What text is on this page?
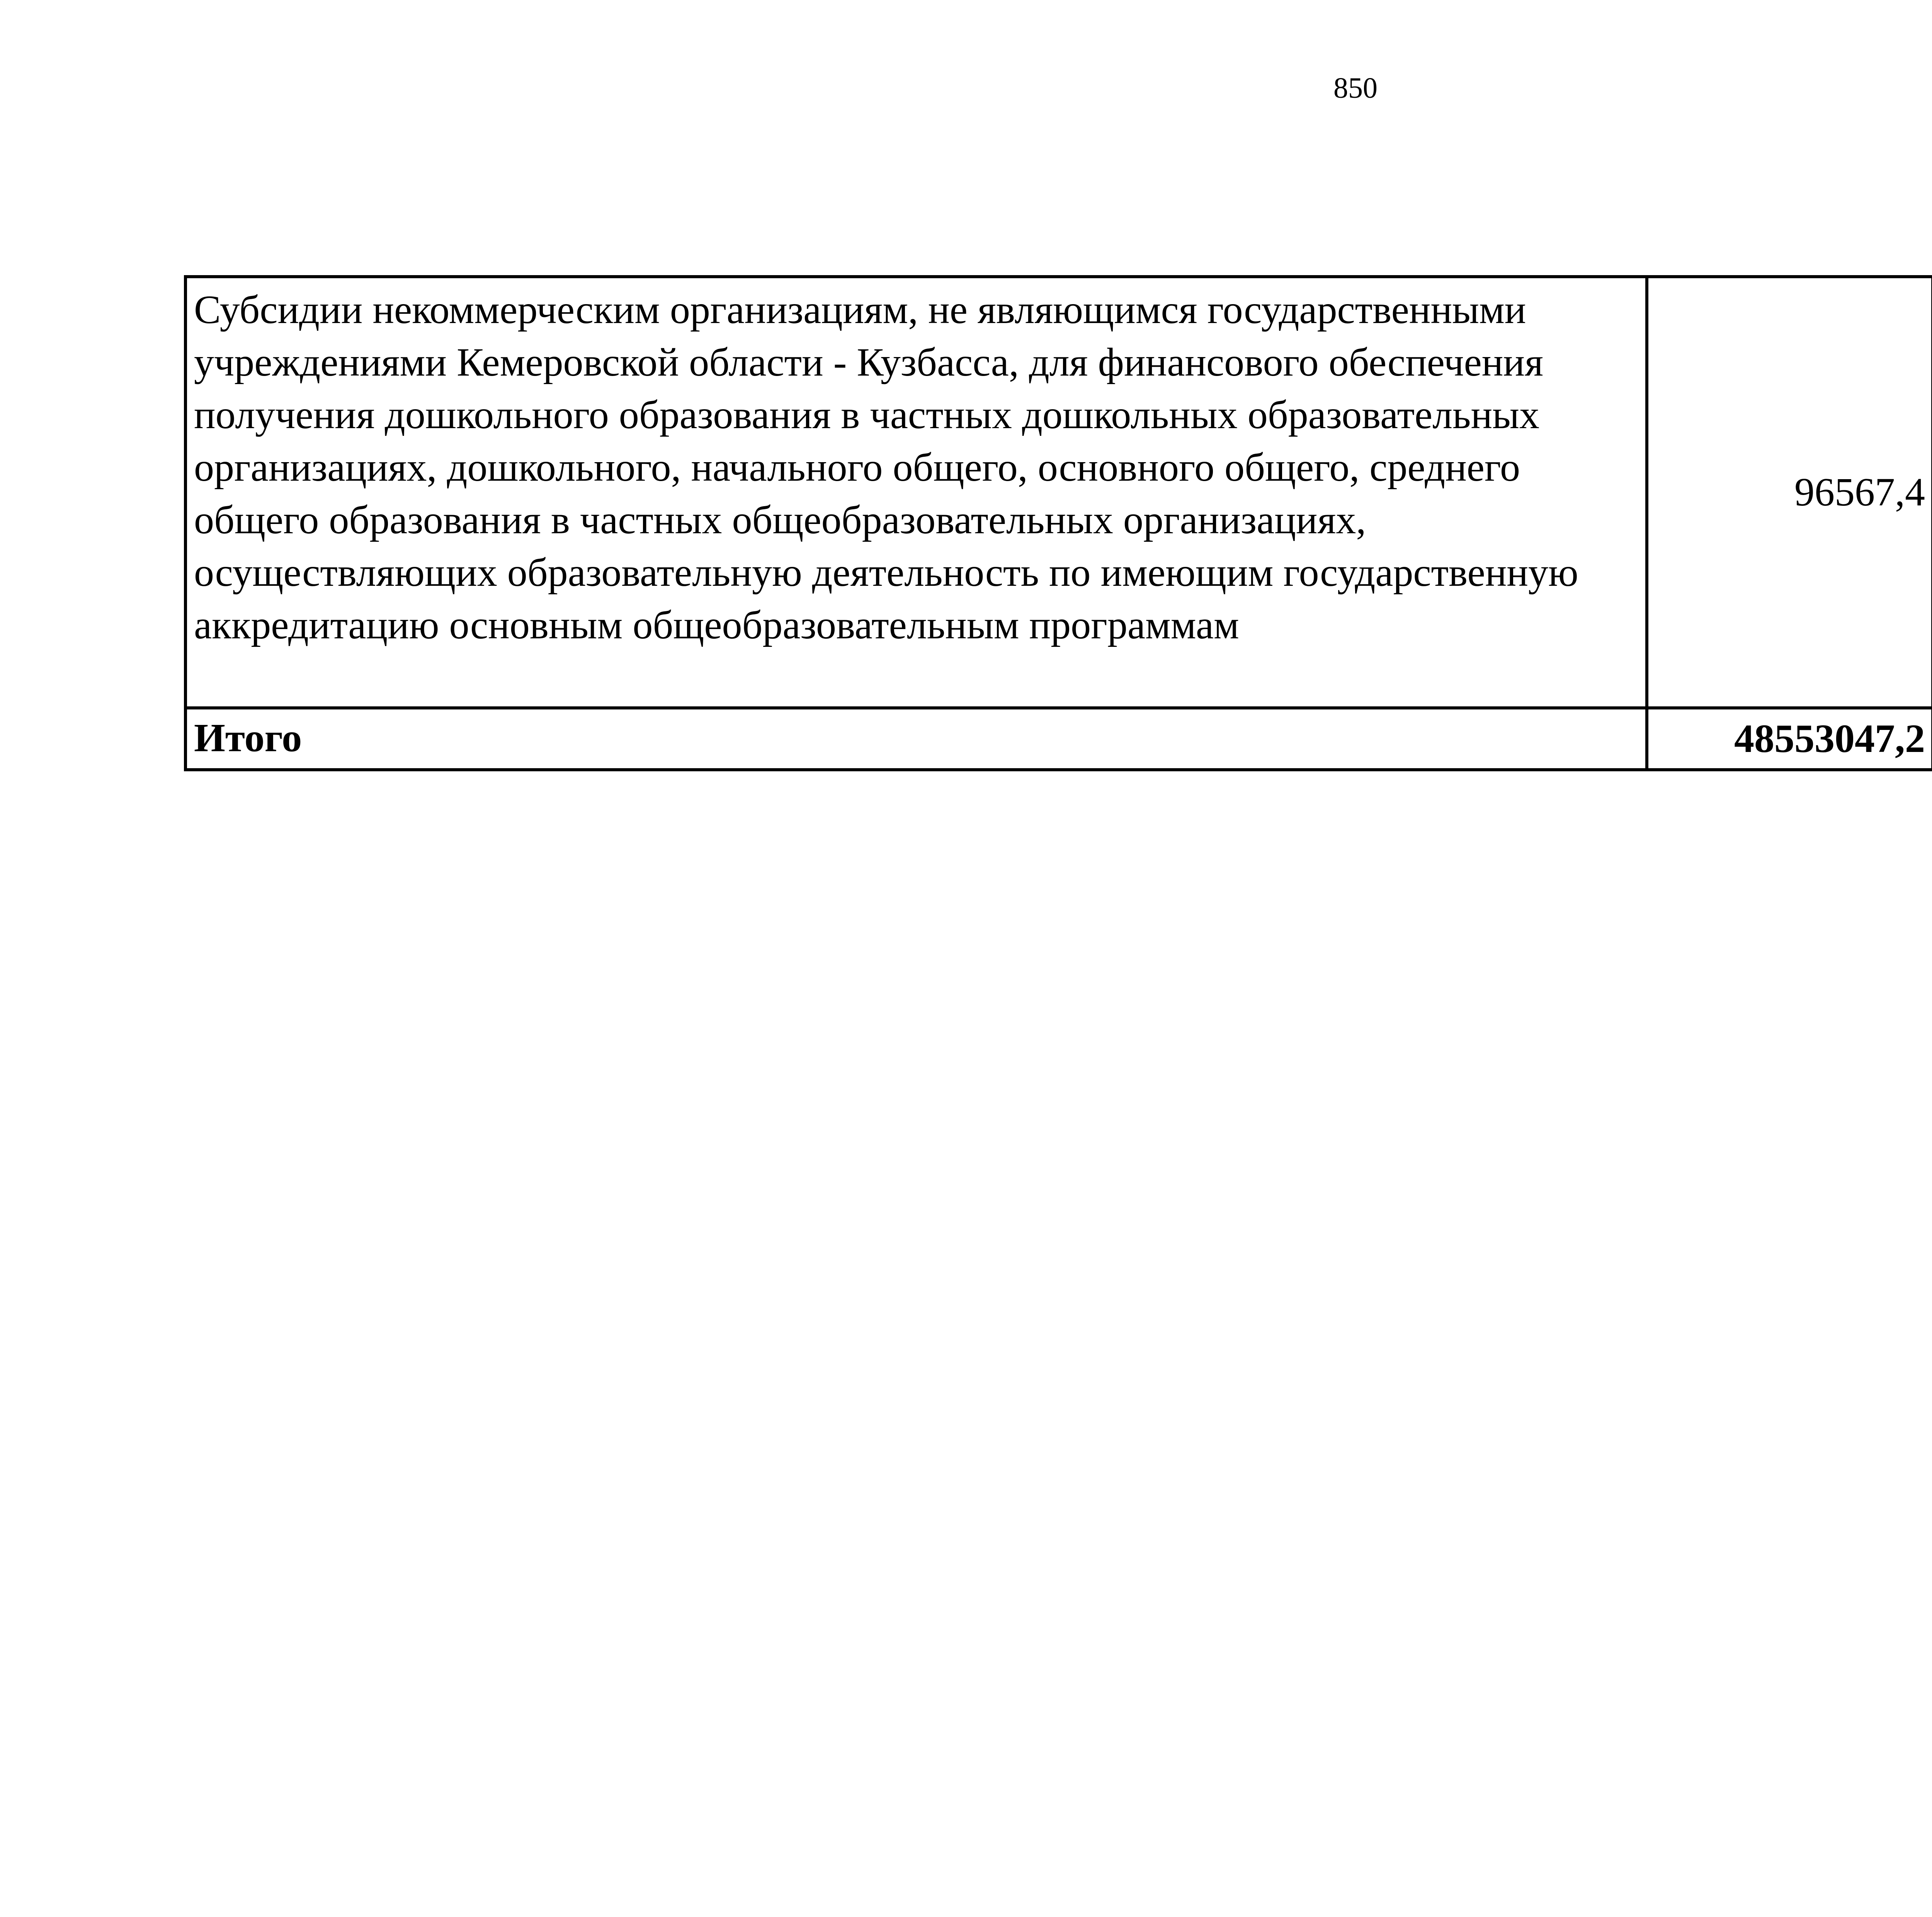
850
Субсидии некоммерческим организациям, не являющимся государственными учреждениями Кемеровской области - Кузбасса, для финансового обеспечения получения дошкольного образования в частных дошкольных образовательных организациях, дошкольного, начального общего, основного общего, среднего общего образования в частных общеобразовательных организациях, осуществляющих образовательную деятельность по имеющим государственную аккредитацию основным общеобразовательным программам	96567,4		
Итого	48553047,2		
